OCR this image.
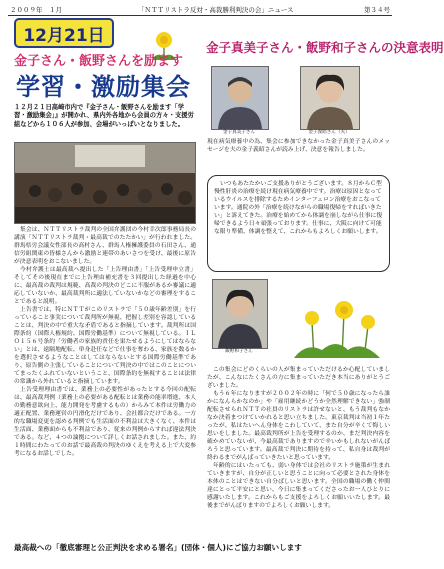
２００９年　１月	「ＮＴＴリストラ反対・高裁勝利判決の会」ニュース	第３４号
12月21日
金子さん・飯野さんを励ます
学習・激励集会
金子真美子さん・飯野和子さんの決意表明
１２月２１日高崎市内で『金子さん・飯野さんを励ます「学習・激励集会」』が開かれ、県内外各地から会員の方々・支援労組などから１０６人が参加、会場がいっぱいとなりました。
金子真美子さん	金子義昭さん（夫）
現在病気療養中の為、集会に参加できなかった金子真美子さんのメッセージを夫の金子義昭さんが読み上げ、決意を報告しました。
いつもあたたかいご支援ありがとうございます。８月からＣ型慢性肝炎の治療を続け現在病気療養中です。治療は原因となっているウイルスを排除するためインターフェロン治療をおこなっています。通院の外「治療を続けながらの職場復帰をすればいきたい」と訴えてきた。治療を始めてから体調を崩しながら仕事に復帰できるよう日々頑張っております。仕事に、大阪に向けて可能な限り準備、体調を整えて、これからもよろしくお願いします。
飯野和子さん

集会は、ＮＴＴリストラ裁判の全国弁護団の今村幸次郎事務局長の講演「ＮＴＴリストラ裁判・最高裁でのたたかい」が行われました。群馬県労会議女性部長の高村さん、群馬人権擁護委員の石田さん、通信労組関東の皆様さんから激励と連帯のあいさつを受け、最後に原告が決意表明をおこないました。

今村弁護士は最高裁へ提出した「上告理由書」「上告受理申立書」そしてその後現在までに上告理由補充書を３回提出した経過を中心に、最高裁の裁判は規範、高裁の判決のどこに不服があるか審議に適応していないか、最高裁判所に適法していないかなどの審理をすることであると説明。

上告書では、特にＮＴＴがこのリストラで「５０歳年齢差別」を行っていること事実について裁判所が無視、把握し差別を容認していることは、判決の中で重大な矛盾であると指摘しています。裁判所は国際条約（国際人権規約、国際労働基準）について無視している。ＩＬＯ１５６号条約「労働者の家族的責任を果たせるようにしてはならない」とは、遠隔地配転、単身赴任などで仕事を奪わる、家族を数るかを選択させるようなことはしてはならないとする国際労働基準であり、原告側の主張していることについて判決の中ではこのことについてまったくふれていないということ、国際条約を無視することは法律の常識から外れていると指摘しています。

上告受理理由書では、業務上の必要性があったとする今回の配転は、最高裁判例（業務上の必要がある配転とは業務の能率増進、本人の勤務意欲向上、能力開発を考慮するもの）からみて本件は労働力の適正配置、業務運営の円滑化だけであり、会社都合だけである。一方的な職場変更を認める判例でも生活面の不利益は大きくなく、本件は生活面、業務面からも不利益であり、従来の判例からすれば違法判決である。など、４つの論拠について詳しくお話されました。また、約１時間にわたってのお話で最高裁の判決のゆくえを考える上で大変参考になるお話しでした。

この集会にどのくらいの人が集まっていただけるか心配していましたが、こんなにたくさんの方に集まっていただき本当にありがとうございました。

もう６年になりますが２００２年の時に「何で５０歳になったら誰かになんらかなのか」や「雇用継続かどうか全然理解できない」強制配転させられＮＴＴの社員のリストラは許せないと、もう裁判もなかなか決着まつけていかれると思い立ちました。東京裁判は当初１年たったが、私はたいへん身体をこわしていて、また自分が辛くて悔しい思いをしました。最高裁判所が上告を受理するのか、まだ判決内容を確かめていないが、今最高裁でありますので辛いかもしれないがんばろうと思っています。最高裁で判決に期待を持って、私自身は裁判が終わるまでがんばっていきたいと思っています。

年齢的にはいたっても、弱い身体では会社のリストラ施策が生まれていきますが、自分が正しいと思うことに向って必要とされた身体を本体のことはできない自分ばしいと思います。全国の職場の働く仲間達にとって平安にと思い、今日に集まってくださったお一人ひとりに感謝いたします。これからもご支援をよろしくお願いいたします。最後までがんばりますのでよろしくお願いします。

最高裁への「徹底審理と公正判決を求める署名」(団体・個人)にご協力お願いします
